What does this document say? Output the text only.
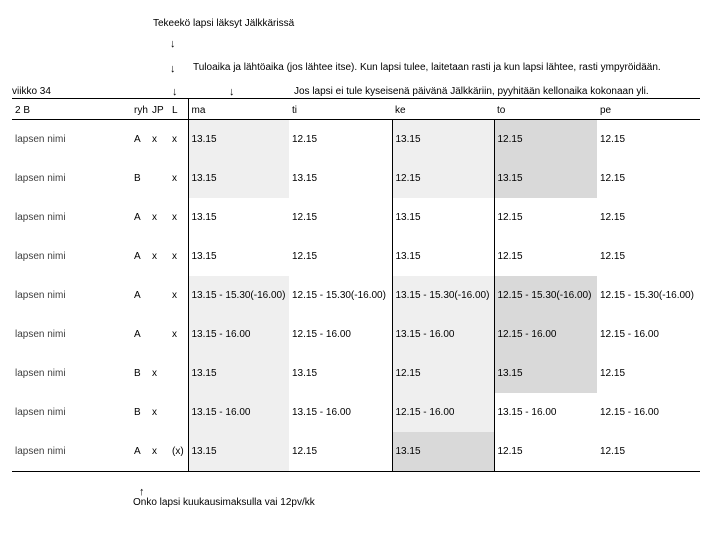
Tekeekö lapsi läksyt Jälkkärissä
↓
↓ Tuloaika ja lähtöaika (jos lähtee itse). Kun lapsi tulee, laitetaan rasti ja kun lapsi lähtee, rasti ympyröidään.
viikko 34	↓	↓	Jos lapsi ei tule kyseisenä päivänä Jälkkäriin, pyyhitään kellonaika kokonaan yli.
2 B	ryh	JP	L	ma	ti	ke	to	pe
lapsen nimi	A	x	x	13.15	12.15	13.15	12.15	12.15
lapsen nimi	B		x	13.15	13.15	12.15	13.15	12.15
lapsen nimi	A	x	x	13.15	12.15	13.15	12.15	12.15
lapsen nimi	A	x	x	13.15	12.15	13.15	12.15	12.15
lapsen nimi	A		x	13.15 - 15.30(-16.00)	12.15 - 15.30(-16.00)	13.15 - 15.30(-16.00)	12.15 - 15.30(-16.00)	12.15 - 15.30(-16.00)
lapsen nimi	A		x	13.15 - 16.00	12.15 - 16.00	13.15 - 16.00	12.15 - 16.00	12.15 - 16.00
lapsen nimi	B	x		13.15	13.15	12.15	13.15	12.15
lapsen nimi	B	x		13.15 - 16.00	13.15 - 16.00	12.15 - 16.00	13.15 - 16.00	12.15 - 16.00
lapsen nimi	A	x	(x)	13.15	12.15	13.15	12.15	12.15
↑
Onko lapsi kuukausimaksulla vai 12pv/kk
